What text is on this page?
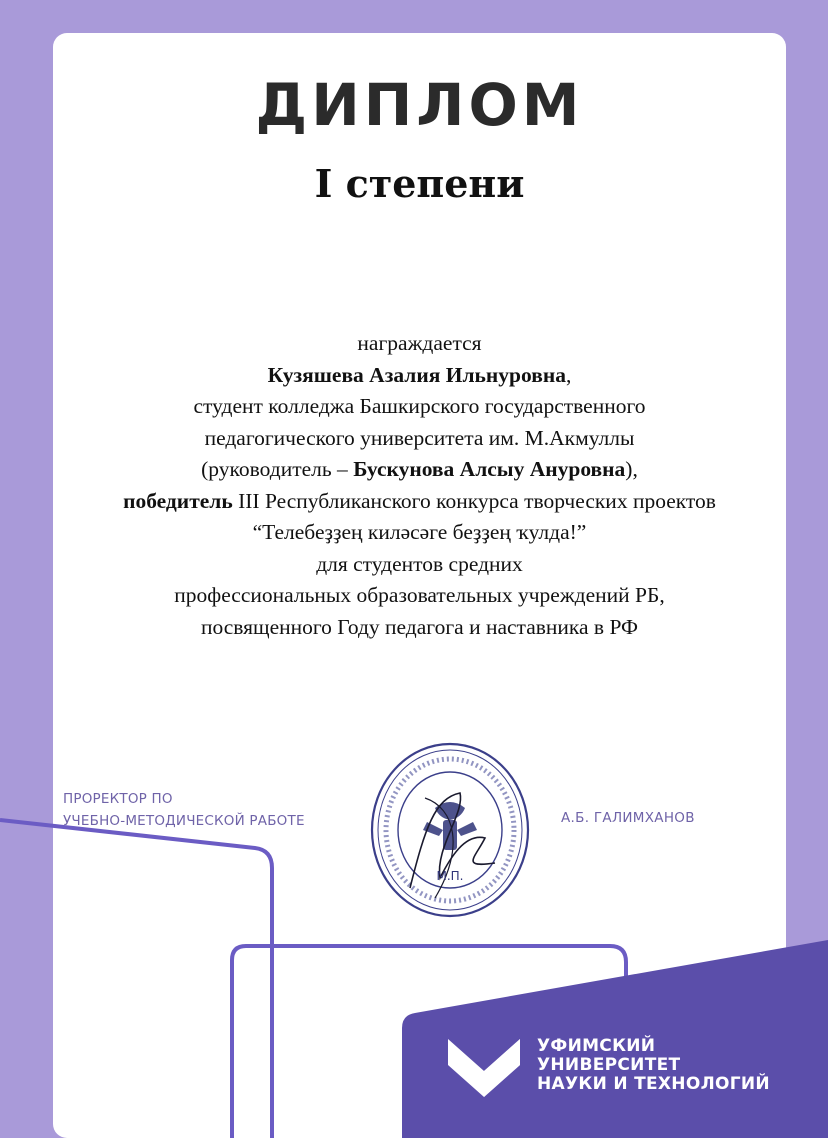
ДИПЛОМ
I степени

награждается

Кузяшева Азалия Ильнуровна,

студент колледжа Башкирского государственного

педагогического университета им. М.Акмуллы

(руководитель – Бускунова Алсыу Ануровна),

победитель III Республиканского конкурса творческих проектов

“Телебеҙҙең киләсәге беҙҙең ҡулда!”

для студентов средних

профессиональных образовательных учреждений РБ,

посвященного Году педагога и наставника в РФ

ПРОРЕКТОР ПО
УЧЕБНО-МЕТОДИЧЕСКОЙ РАБОТЕ	А.Б. ГАЛИМХАНОВ
М.П.
УФИМСКИЙ
УНИВЕРСИТЕТ
НАУКИ И ТЕХНОЛОГИЙ
